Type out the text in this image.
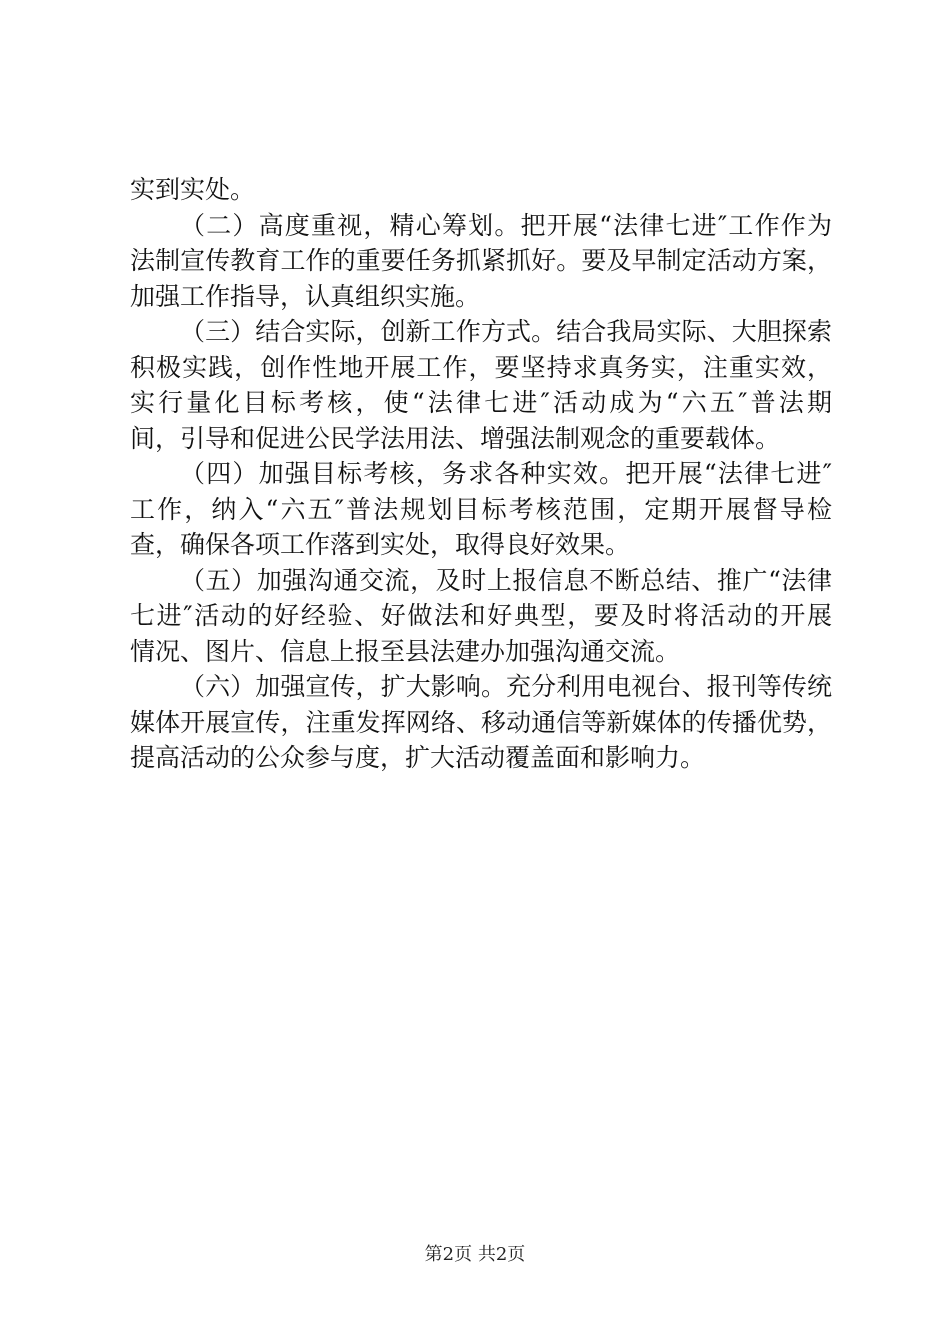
实到实处。
（二）高度重视，精心筹划。把开展“法律七进″工作作为
法制宣传教育工作的重要任务抓紧抓好。要及早制定活动方案，
加强工作指导，认真组织实施。
（三）结合实际，创新工作方式。结合我局实际、大胆探索
积极实践，创作性地开展工作，要坚持求真务实，注重实效，
实行量化目标考核，使“法律七进″活动成为“六五″普法期
间，引导和促进公民学法用法、增强法制观念的重要载体。
（四）加强目标考核，务求各种实效。把开展“法律七进″
工作，纳入“六五″普法规划目标考核范围，定期开展督导检
查，确保各项工作落到实处，取得良好效果。
（五）加强沟通交流，及时上报信息不断总结、推广“法律
七进″活动的好经验、好做法和好典型，要及时将活动的开展
情况、图片、信息上报至县法建办加强沟通交流。
（六）加强宣传，扩大影响。充分利用电视台、报刊等传统
媒体开展宣传，注重发挥网络、移动通信等新媒体的传播优势，
提高活动的公众参与度，扩大活动覆盖面和影响力。
第2页 共2页
